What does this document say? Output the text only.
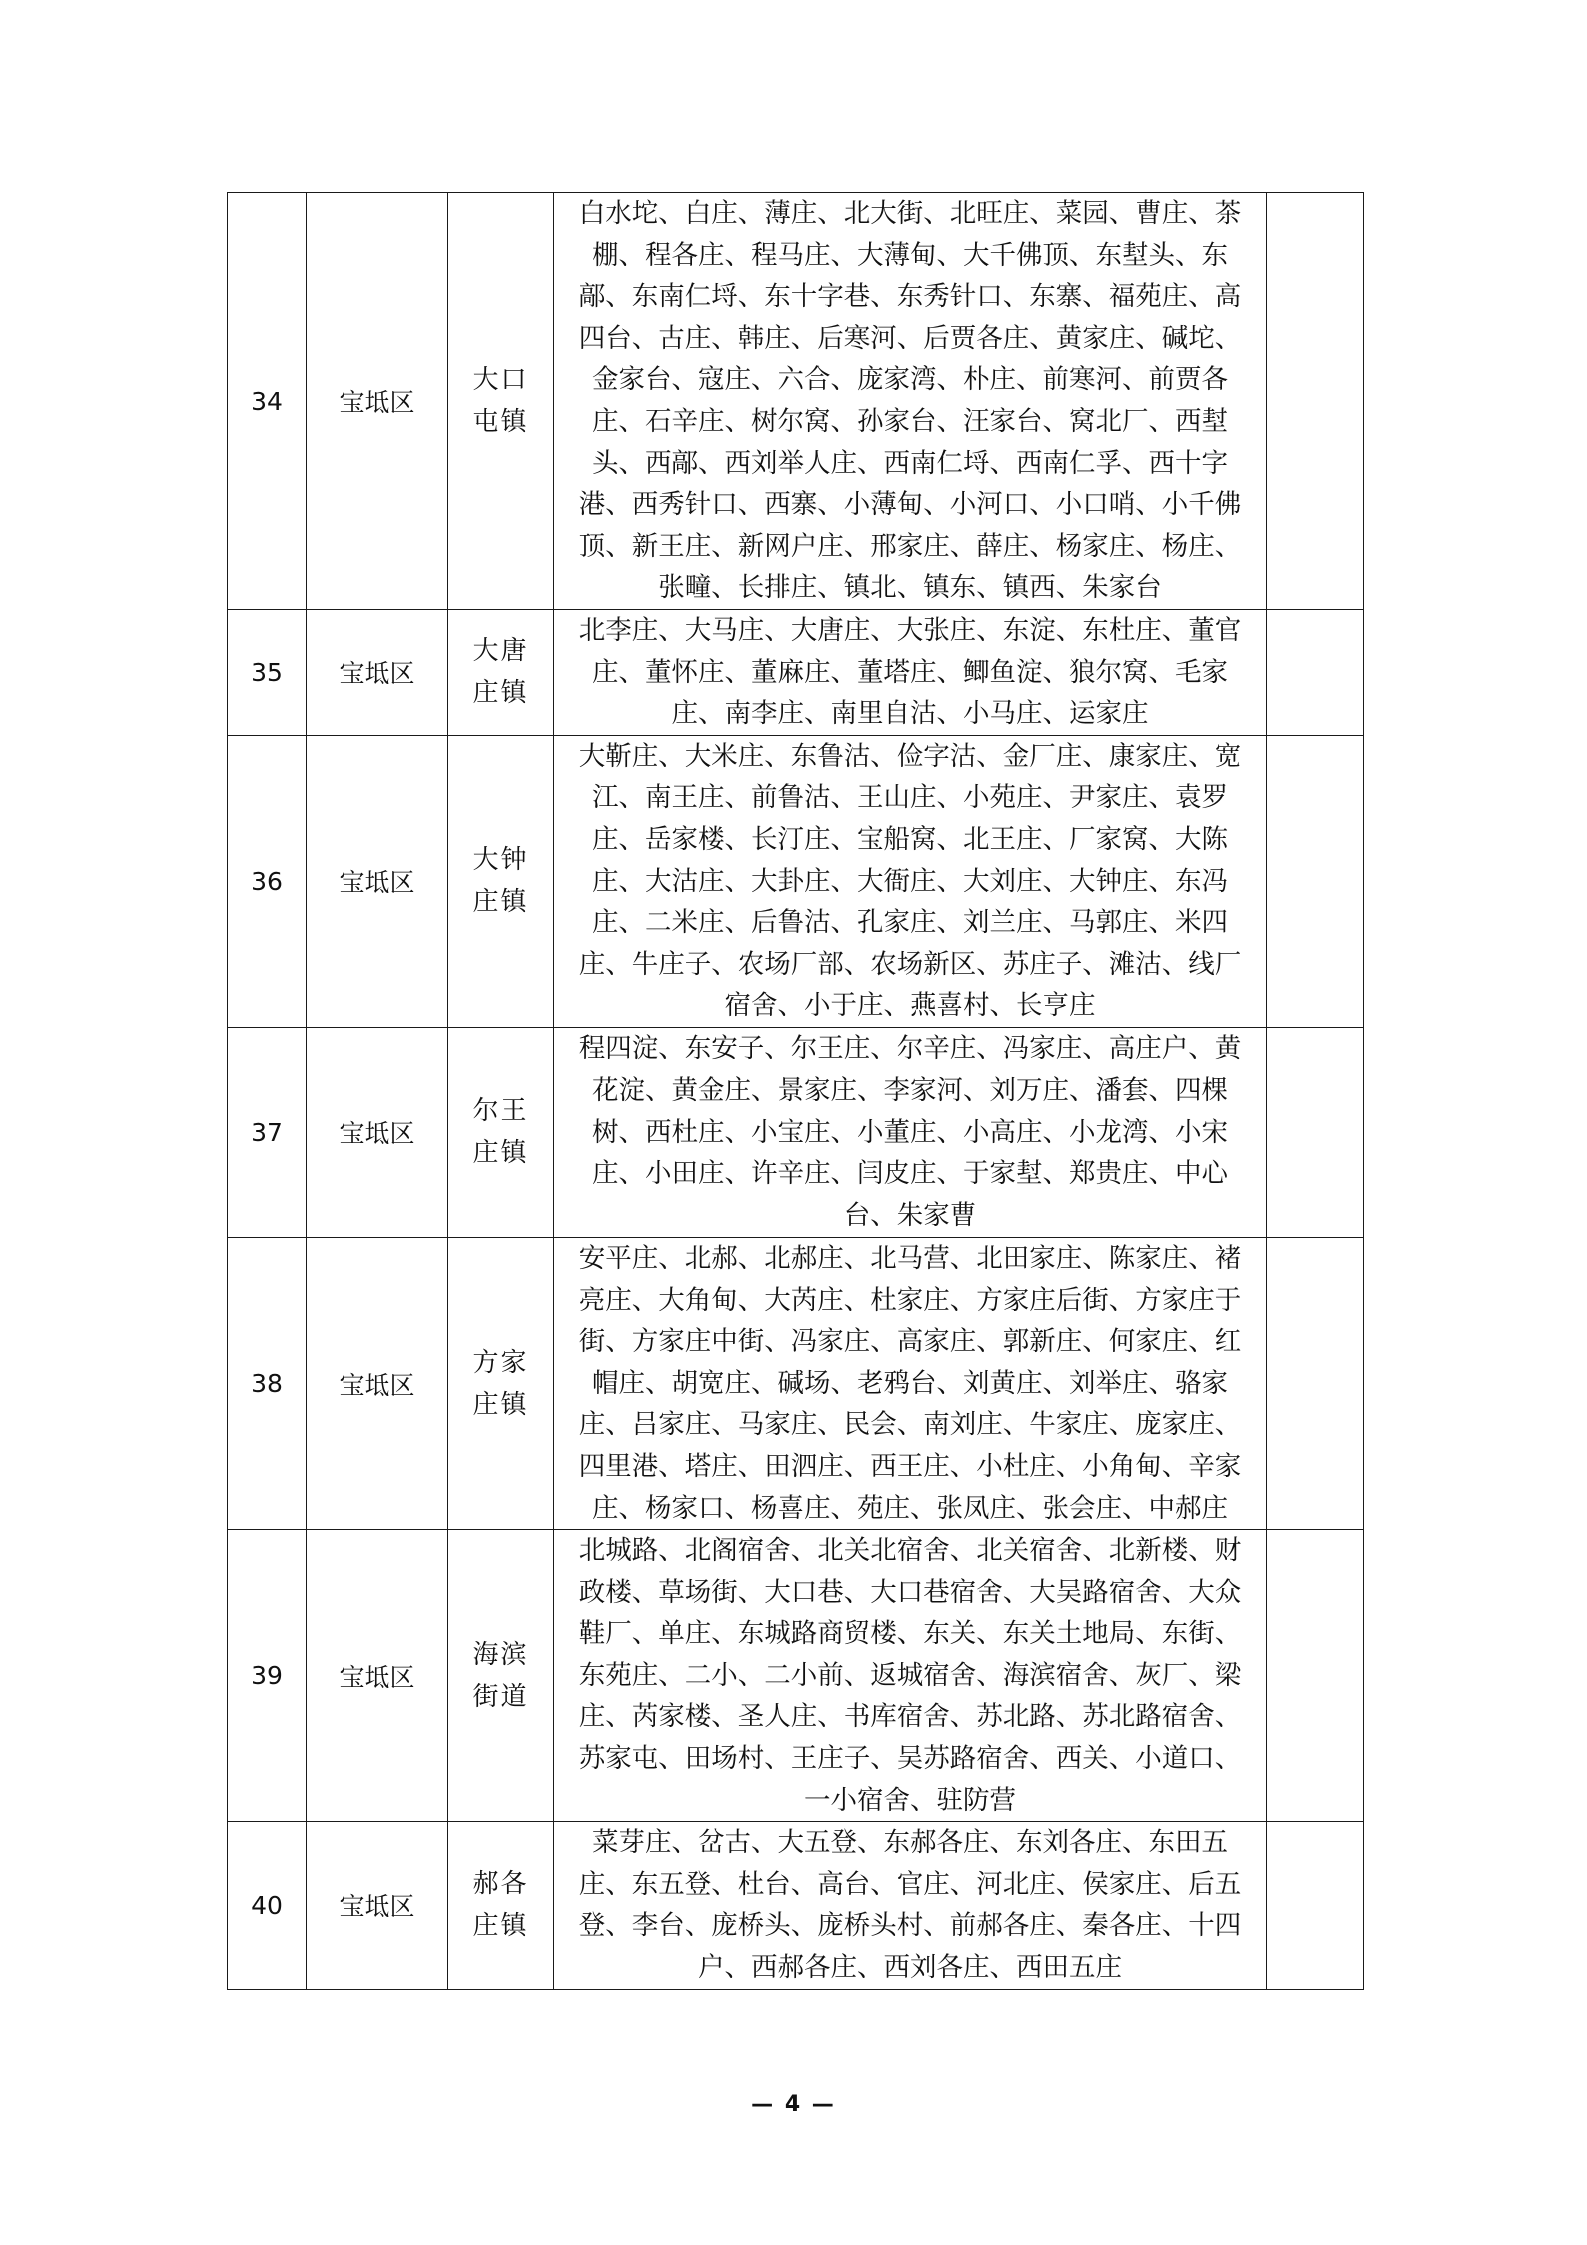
34	宝坻区	大口屯镇	白水坨、白庄、薄庄、北大街、北旺庄、菜园、曹庄、茶棚、程各庄、程马庄、大薄甸、大千佛顶、东堼头、东鄗、东南仁埒、东十字巷、东秀针口、东寨、福苑庄、高四台、古庄、韩庄、后寒河、后贾各庄、黄家庄、碱坨、金家台、寇庄、六合、庞家湾、朴庄、前寒河、前贾各庄、石辛庄、树尔窝、孙家台、汪家台、窝北厂、西堼头、西鄗、西刘举人庄、西南仁埒、西南仁孚、西十字港、西秀针口、西寨、小薄甸、小河口、小口哨、小千佛顶、新王庄、新网户庄、邢家庄、薛庄、杨家庄、杨庄、张疃、长排庄、镇北、镇东、镇西、朱家台	
35	宝坻区	大唐庄镇	北李庄、大马庄、大唐庄、大张庄、东淀、东杜庄、董官庄、董怀庄、董麻庄、董塔庄、鲫鱼淀、狼尔窝、毛家庄、南李庄、南里自沽、小马庄、运家庄	
36	宝坻区	大钟庄镇	大靳庄、大米庄、东鲁沽、俭字沽、金厂庄、康家庄、宽江、南王庄、前鲁沽、王山庄、小苑庄、尹家庄、袁罗庄、岳家楼、长汀庄、宝船窝、北王庄、厂家窝、大陈庄、大沽庄、大卦庄、大衙庄、大刘庄、大钟庄、东冯庄、二米庄、后鲁沽、孔家庄、刘兰庄、马郭庄、米四庄、牛庄子、农场厂部、农场新区、苏庄子、滩沽、线厂宿舍、小于庄、燕喜村、长亨庄	
37	宝坻区	尔王庄镇	程四淀、东安子、尔王庄、尔辛庄、冯家庄、高庄户、黄花淀、黄金庄、景家庄、李家河、刘万庄、潘套、四棵树、西杜庄、小宝庄、小董庄、小高庄、小龙湾、小宋庄、小田庄、许辛庄、闫皮庄、于家堼、郑贵庄、中心台、朱家曹	
38	宝坻区	方家庄镇	安平庄、北郝、北郝庄、北马营、北田家庄、陈家庄、褚亮庄、大角甸、大芮庄、杜家庄、方家庄后街、方家庄于街、方家庄中街、冯家庄、高家庄、郭新庄、何家庄、红帽庄、胡宽庄、碱场、老鸦台、刘黄庄、刘举庄、骆家庄、吕家庄、马家庄、民会、南刘庄、牛家庄、庞家庄、四里港、塔庄、田泗庄、西王庄、小杜庄、小角甸、辛家庄、杨家口、杨喜庄、苑庄、张凤庄、张会庄、中郝庄	
39	宝坻区	海滨街道	北城路、北阁宿舍、北关北宿舍、北关宿舍、北新楼、财政楼、草场街、大口巷、大口巷宿舍、大吴路宿舍、大众鞋厂、单庄、东城路商贸楼、东关、东关土地局、东街、东苑庄、二小、二小前、返城宿舍、海滨宿舍、灰厂、梁庄、芮家楼、圣人庄、书库宿舍、苏北路、苏北路宿舍、苏家屯、田场村、王庄子、吴苏路宿舍、西关、小道口、一小宿舍、驻防营	
40	宝坻区	郝各庄镇	菜芽庄、岔古、大五登、东郝各庄、东刘各庄、东田五庄、东五登、杜台、高台、官庄、河北庄、侯家庄、后五登、李台、庞桥头、庞桥头村、前郝各庄、秦各庄、十四户、西郝各庄、西刘各庄、西田五庄	
— 4 —
